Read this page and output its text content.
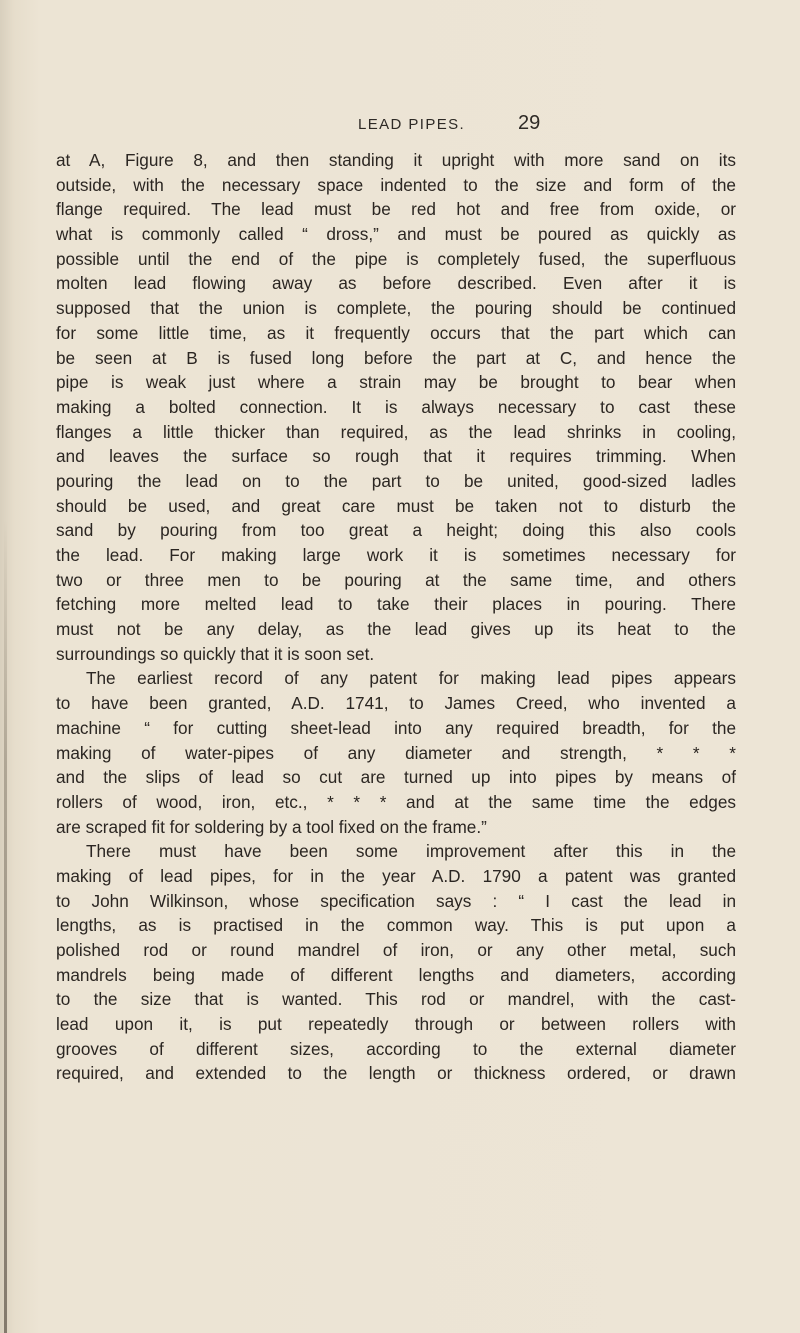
LEAD PIPES.	29
at A, Figure 8, and then standing it upright with more sand on its
outside, with the necessary space indented to the size and form of the
flange required. The lead must be red hot and free from oxide, or
what is commonly called “ dross,” and must be poured as quickly as
possible until the end of the pipe is completely fused, the superfluous
molten lead flowing away as before described. Even after it is
supposed that the union is complete, the pouring should be continued
for some little time, as it frequently occurs that the part which can
be seen at B is fused long before the part at C, and hence the
pipe is weak just where a strain may be brought to bear when
making a bolted connection. It is always necessary to cast these
flanges a little thicker than required, as the lead shrinks in cooling,
and leaves the surface so rough that it requires trimming. When
pouring the lead on to the part to be united, good-sized ladles
should be used, and great care must be taken not to disturb the
sand by pouring from too great a height; doing this also cools
the lead. For making large work it is sometimes necessary for
two or three men to be pouring at the same time, and others
fetching more melted lead to take their places in pouring. There
must not be any delay, as the lead gives up its heat to the
surroundings so quickly that it is soon set.
The earliest record of any patent for making lead pipes appears
to have been granted, A.D. 1741, to James Creed, who invented a
machine “ for cutting sheet-lead into any required breadth, for the
making of water-pipes of any diameter and strength, * * *
and the slips of lead so cut are turned up into pipes by means of
rollers of wood, iron, etc., * * * and at the same time the edges
are scraped fit for soldering by a tool fixed on the frame.”
There must have been some improvement after this in the
making of lead pipes, for in the year A.D. 1790 a patent was granted
to John Wilkinson, whose specification says : “ I cast the lead in
lengths, as is practised in the common way. This is put upon a
polished rod or round mandrel of iron, or any other metal, such
mandrels being made of different lengths and diameters, according
to the size that is wanted. This rod or mandrel, with the cast-
lead upon it, is put repeatedly through or between rollers with
grooves of different sizes, according to the external diameter
required, and extended to the length or thickness ordered, or drawn
